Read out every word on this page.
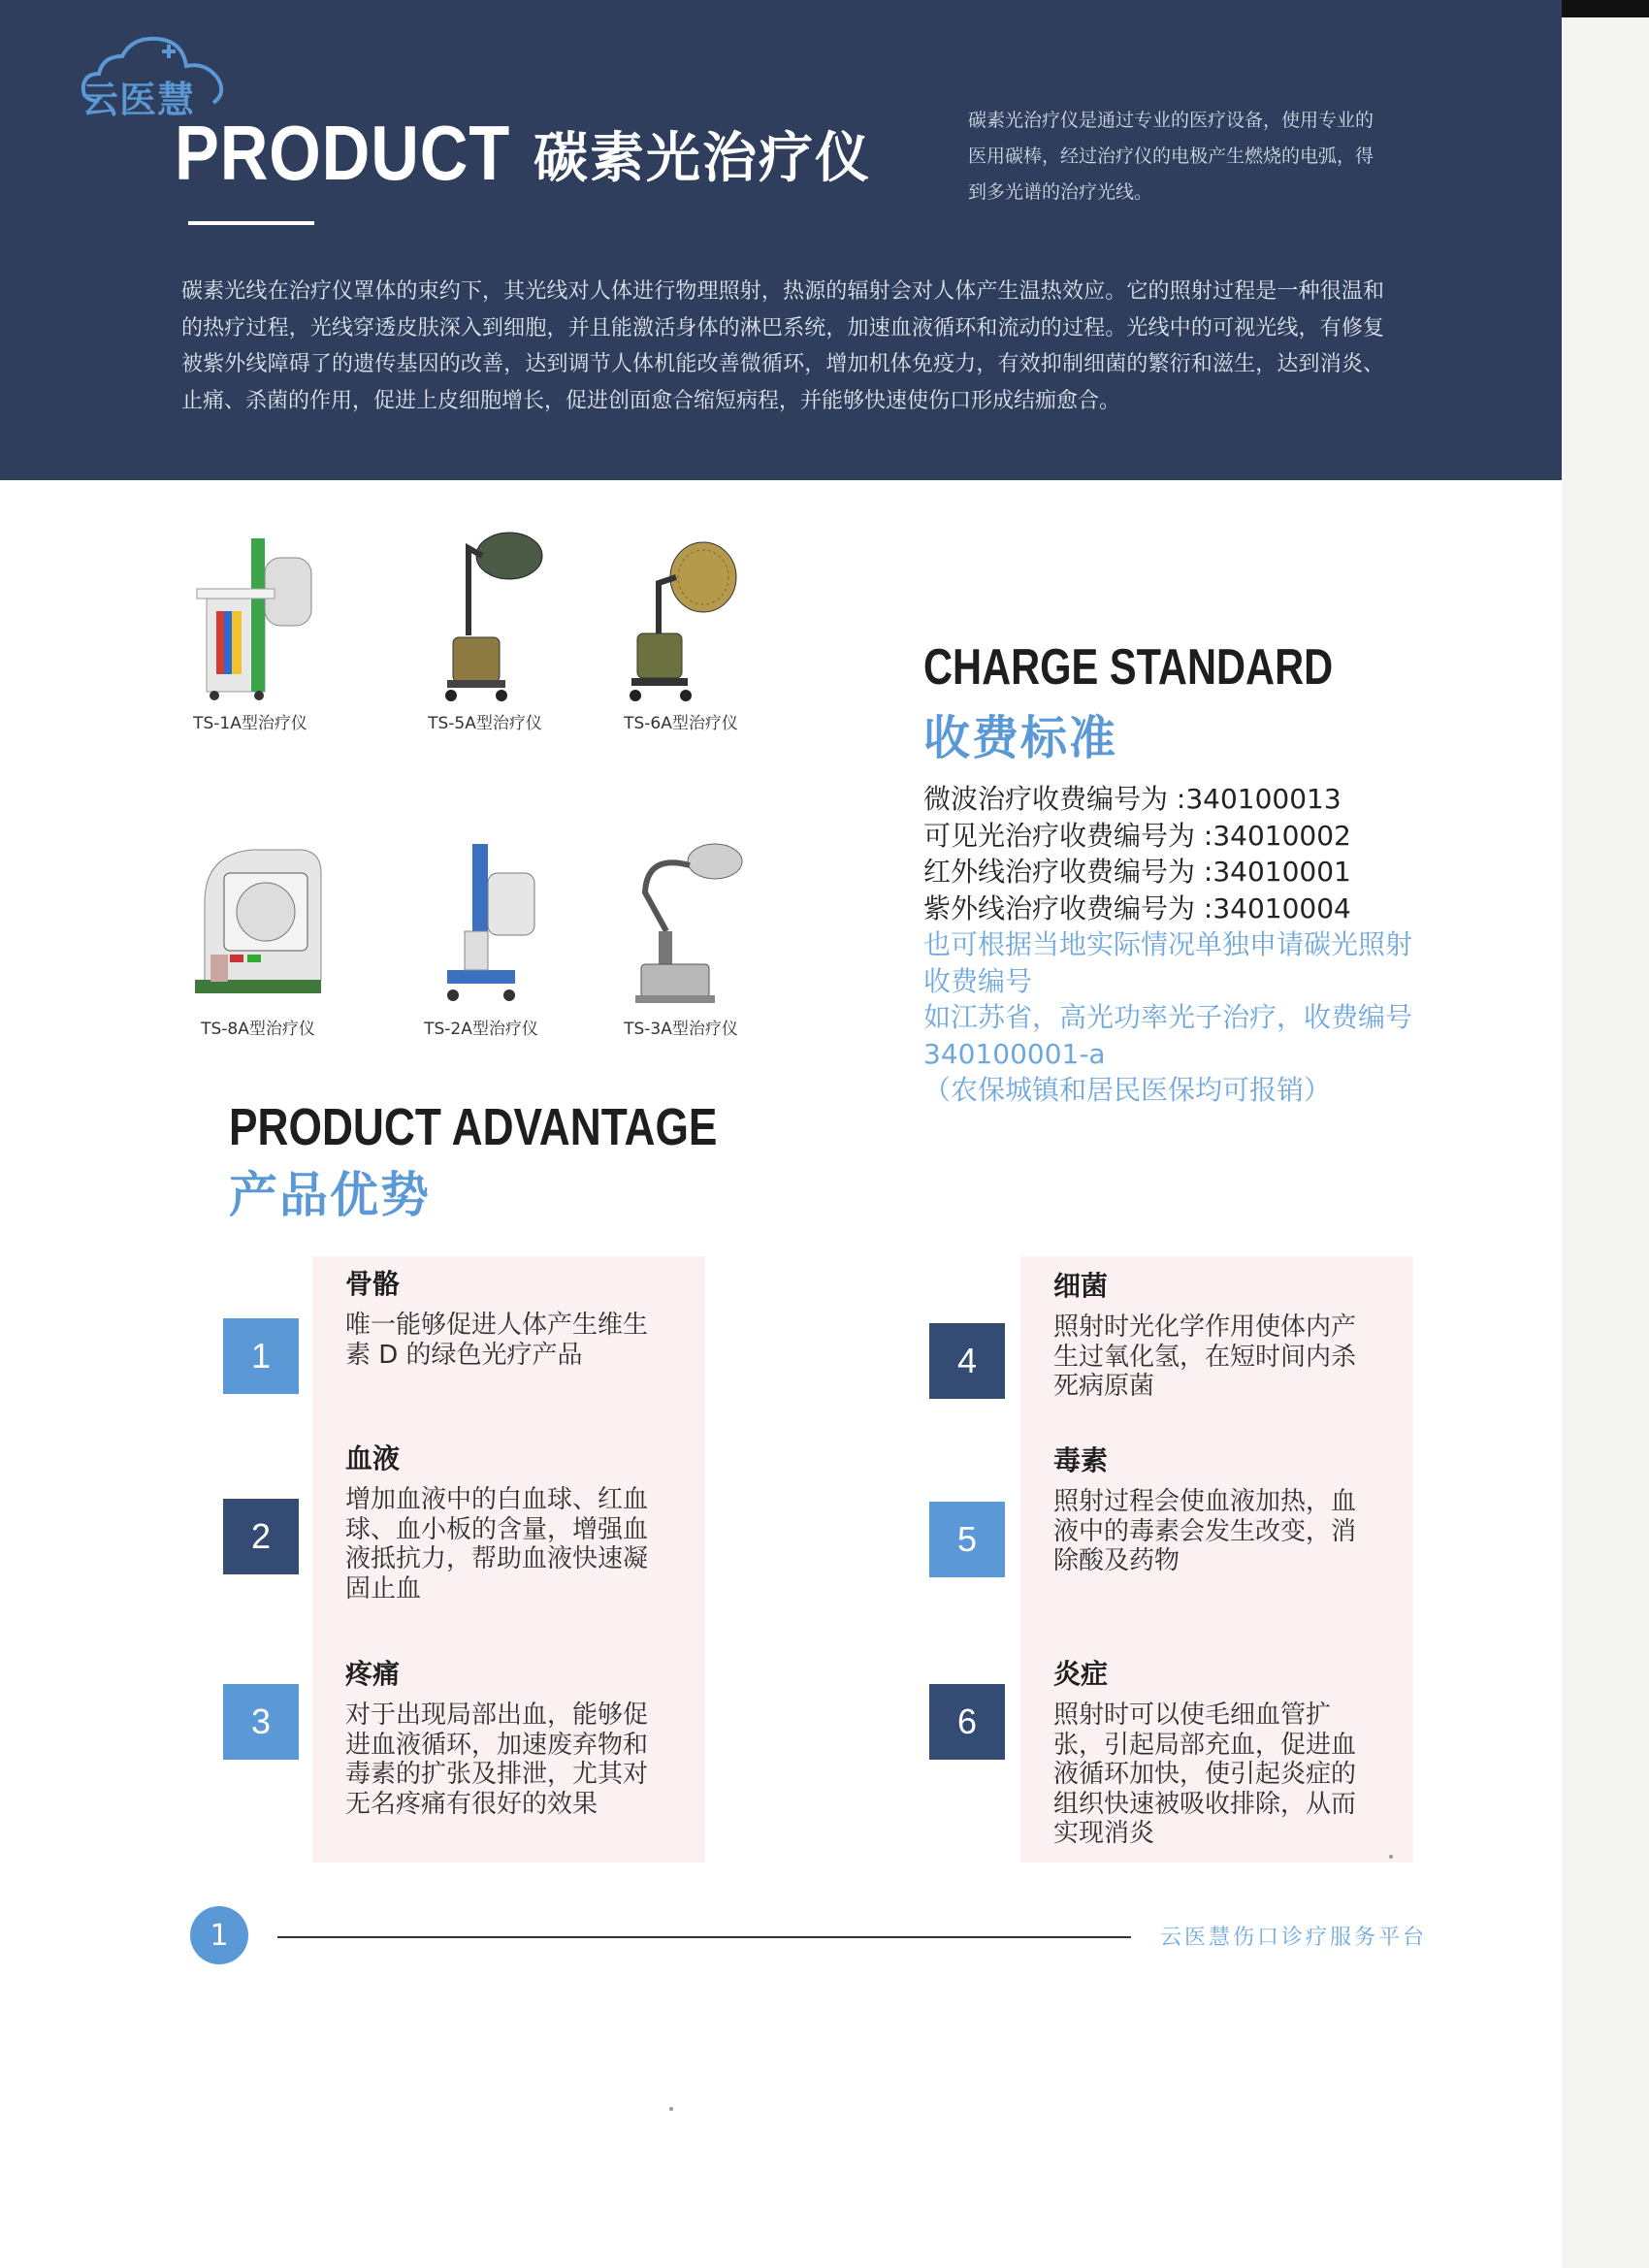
云医慧
PRODUCT 碳素光治疗仪
碳素光治疗仪是通过专业的医疗设备，使用专业的医用碳棒，经过治疗仪的电极产生燃烧的电弧，得到多光谱的治疗光线。
碳素光线在治疗仪罩体的束约下，其光线对人体进行物理照射，热源的辐射会对人体产生温热效应。它的照射过程是一种很温和的热疗过程，光线穿透皮肤深入到细胞，并且能激活身体的淋巴系统，加速血液循环和流动的过程。光线中的可视光线，有修复被紫外线障碍了的遗传基因的改善，达到调节人体机能改善微循环，增加机体免疫力，有效抑制细菌的繁衍和滋生，达到消炎、止痛、杀菌的作用，促进上皮细胞增长，促进创面愈合缩短病程，并能够快速使伤口形成结痂愈合。
TS-1A型治疗仪	TS-5A型治疗仪	TS-6A型治疗仪
TS-8A型治疗仪	TS-2A型治疗仪	TS-3A型治疗仪
CHARGE STANDARD
收费标准
微波治疗收费编号为 :340100013
可见光治疗收费编号为 :34010002
红外线治疗收费编号为 :34010001
紫外线治疗收费编号为 :34010004
也可根据当地实际情况单独申请碳光照射收费编号
如江苏省，高光功率光子治疗，收费编号 340100001-a
（农保城镇和居民医保均可报销）
PRODUCT ADVANTAGE
产品优势
1
骨骼
唯一能够促进人体产生维生素 D 的绿色光疗产品
2
血液
增加血液中的白血球、红血球、血小板的含量，增强血液抵抗力，帮助血液快速凝固止血
3
疼痛
对于出现局部出血，能够促进血液循环，加速废弃物和毒素的扩张及排泄，尤其对无名疼痛有很好的效果
4
细菌
照射时光化学作用使体内产生过氧化氢，在短时间内杀死病原菌
5
毒素
照射过程会使血液加热，血液中的毒素会发生改变，消除酸及药物
6
炎症
照射时可以使毛细血管扩张，引起局部充血，促进血液循环加快，使引起炎症的组织快速被吸收排除，从而实现消炎
1	云医慧伤口诊疗服务平台
